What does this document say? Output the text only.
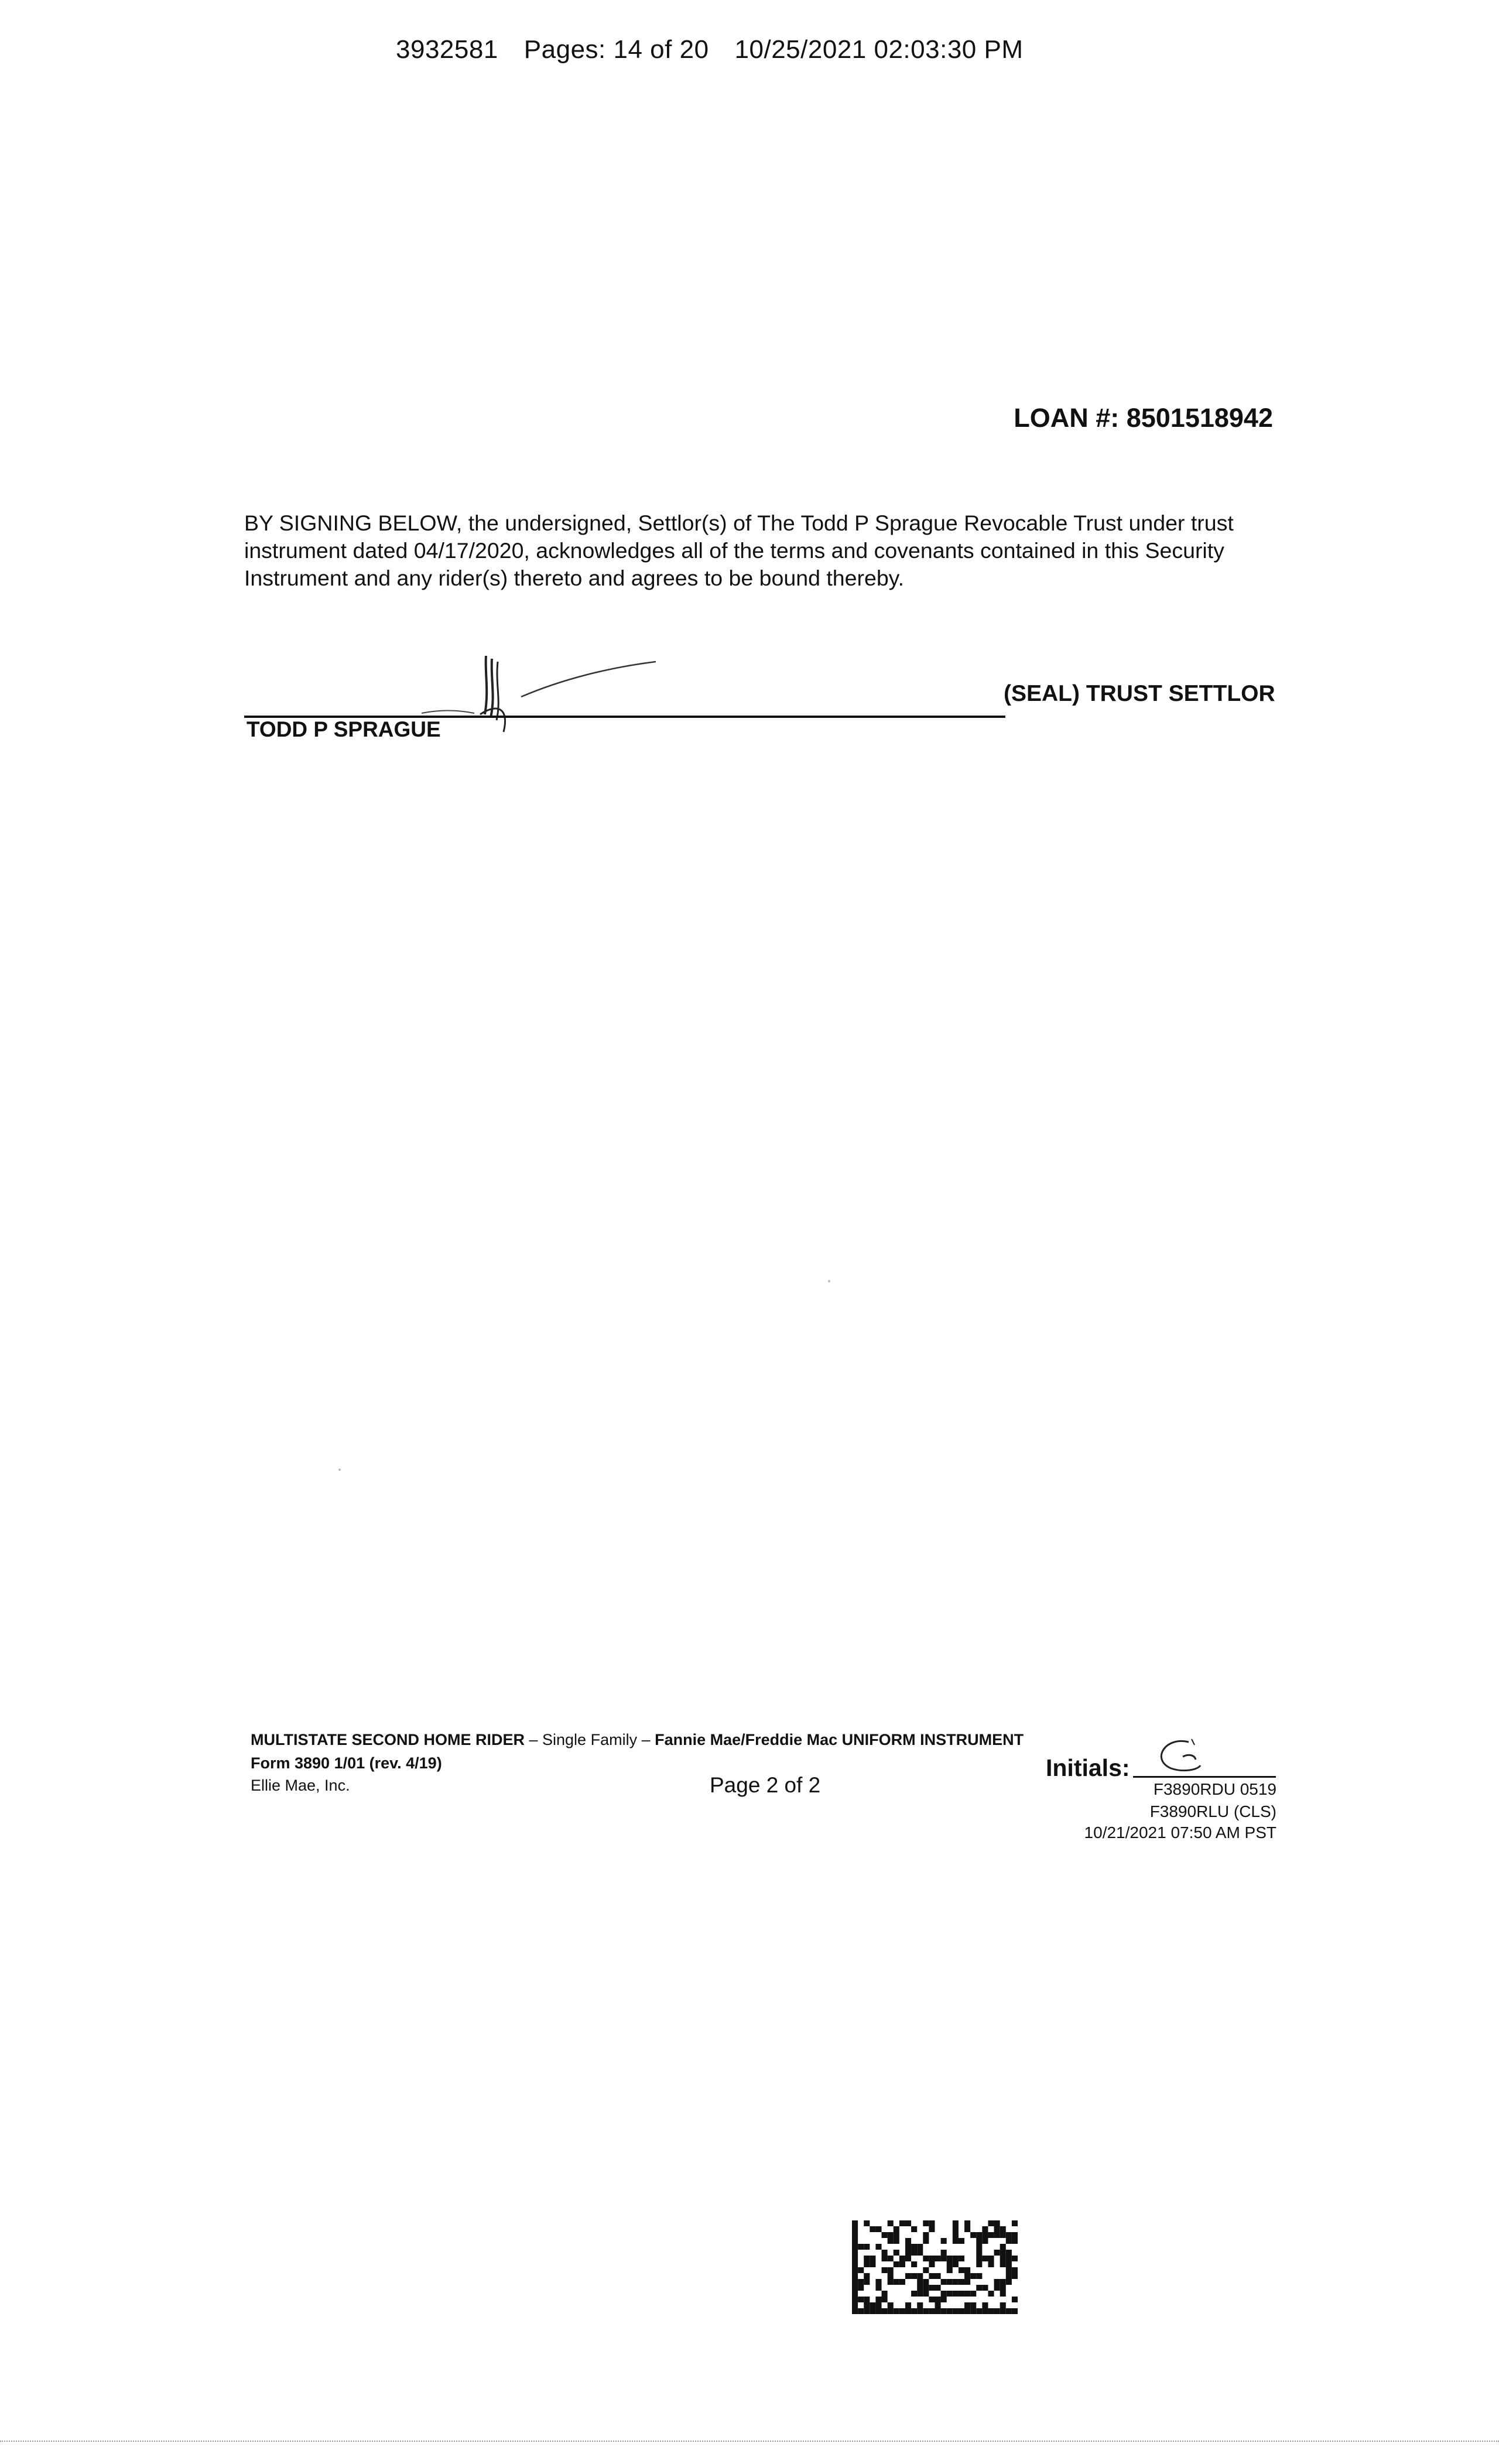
3932581 Pages: 14 of 20 10/25/2021 02:03:30 PM
LOAN #: 8501518942
BY SIGNING BELOW, the undersigned, Settlor(s) of The Todd P Sprague Revocable Trust under trust instrument dated 04/17/2020, acknowledges all of the terms and covenants contained in this Security Instrument and any rider(s) thereto and agrees to be bound thereby.
TODD P SPRAGUE
(SEAL) TRUST SETTLOR
MULTISTATE SECOND HOME RIDER – Single Family – Fannie Mae/Freddie Mac UNIFORM INSTRUMENT
Form 3890 1/01 (rev. 4/19)
Ellie Mae, Inc.	Page 2 of 2
Initials:
F3890RDU 0519
F3890RLU (CLS)
10/21/2021 07:50 AM PST
